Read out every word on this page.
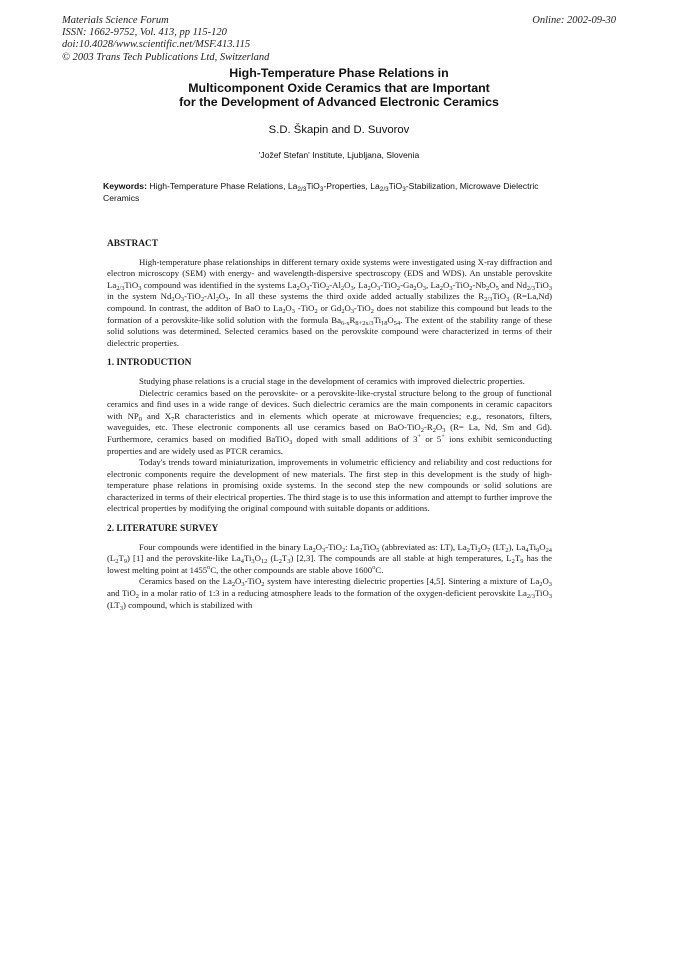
Materials Science Forum
ISSN: 1662-9752, Vol. 413, pp 115-120
doi:10.4028/www.scientific.net/MSF.413.115
© 2003 Trans Tech Publications Ltd, Switzerland
Online: 2002-09-30
High-Temperature Phase Relations in
Multicomponent Oxide Ceramics that are Important
for the Development of Advanced Electronic Ceramics
S.D. Škapin and D. Suvorov
'Jožef Stefan' Institute, Ljubljana, Slovenia
Keywords: High-Temperature Phase Relations, $La_{2/3}TiO_3$-Properties, $La_{2/3}TiO_3$-Stabilization, Microwave Dielectric Ceramics
ABSTRACT

High-temperature phase relationships in different ternary oxide systems were investigated using X-ray diffraction and electron microscopy (SEM) with energy- and wavelength-dispersive spectroscopy (EDS and WDS). An unstable perovskite $La_{2/3}TiO_3$ compound was identified in the systems $La_2O_3-TiO_2-Al_2O_3$, $La_2O_3-TiO_2-Ga_2O_3$, $La_2O_3-TiO_2-Nb_2O_5$ and $Nd_{2/3}TiO_3$ in the system $Nd_2O_3-TiO_2-Al_2O_3$. In all these systems the third oxide added actually stabilizes the $R_{2/3}TiO_3$ (R=La,Nd) compound. In contrast, the additon of BaO to $La_2O_3$ -TiO$_2$ or $Gd_2O_3-TiO_2$ does not stabilize this compound but leads to the formation of a perovskite-like solid solution with the formula $Ba_{6-x}R_{8+2x/3}Ti_{18}O_{54}$. The extent of the stability range of these solid solutions was determined. Selected ceramics based on the perovskite compound were characterized in terms of their dielectric properties.

1. INTRODUCTION

Studying phase relations is a crucial stage in the development of ceramics with improved dielectric properties.

Dielectric ceramics based on the perovskite- or a perovskite-like-crystal structure belong to the group of functional ceramics and find uses in a wide range of devices. Such dielectric ceramics are the main components in ceramic capacitors with $NP_0$ and $X_7R$ characteristics and in elements which operate at microwave frequencies; e.g., resonators, filters, waveguides, etc. These electronic components all use ceramics based on BaO-$TiO_2-R_2O_3$ (R= La, Nd, Sm and Gd). Furthermore, ceramics based on modified BaTiO$_3$ doped with small additions of 3+ or 5+ ions exhibit semiconducting properties and are widely used as PTCR ceramics.

Today's trends toward miniaturization, improvements in volumetric efficiency and reliability and cost reductions for electronic components require the development of new materials. The first step in this development is the study of high-temperature phase relations in promising oxide systems. In the second step the new compounds or solid solutions are characterized in terms of their electrical properties. The third stage is to use this information and attempt to further improve the electrical properties by modifying the original compound with suitable dopants or additions.

2. LITERATURE SURVEY

Four compounds were identified in the binary $La_2O_3-TiO_2$: $La_2TiO_5$ (abbreviated as: LT), $La_2Ti_2O_7$ $(LT_2)$, $La_4Ti_9O_{24}$ $(L_2T_9)$ [1] and the perovskite-like $La_4Ti_3O_{12}$ $(L_2T_3)$ [2,3]. The compounds are all stable at high temperatures, $L_2T_9$ has the lowest melting point at 1455$^o$C, the other compounds are stable above 1600$^o$C.

Ceramics based on the $La_2O_3-TiO_2$ system have interesting dielectric properties [4,5]. Sintering a mixture of $La_2O_3$ and TiO$_2$ in a molar ratio of 1:3 in a reducing atmosphere leads to the formation of the oxygen-deficient perovskite $La_{2/3}TiO_3$ $(LT_3)$ compound, which is stabilized with
